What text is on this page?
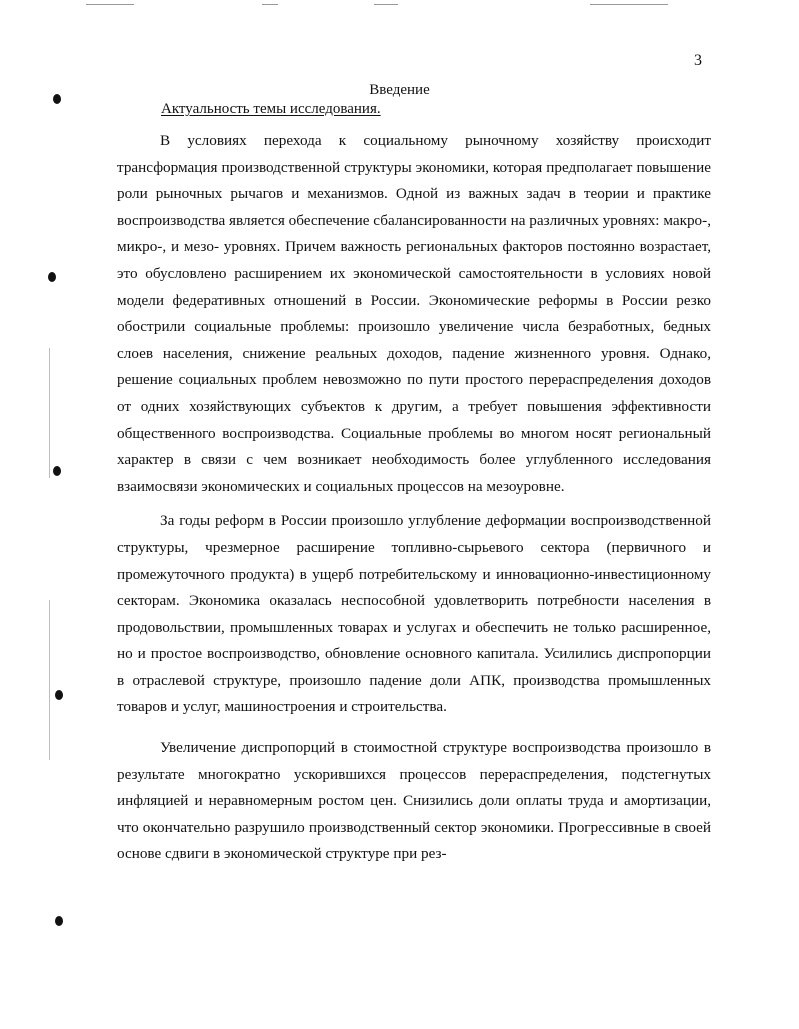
3
Введение
Актуальность темы исследования.

В условиях перехода к социальному рыночному хозяйству происходит трансформация производственной структуры экономики, которая предполагает повышение роли рыночных рычагов и механизмов. Одной из важных задач в теории и практике воспроизводства является обеспечение сбалансированности на различных уровнях: макро-, микро-, и мезо- уровнях. Причем важность региональных факторов постоянно возрастает, это обусловлено расширением их экономической самостоятельности в условиях новой модели федеративных отношений в России. Экономические реформы в России резко обострили социальные проблемы: произошло увеличение числа безработных, бедных слоев населения, снижение реальных доходов, падение жизненного уровня. Однако, решение социальных проблем невозможно по пути простого перераспределения доходов от одних хозяйствующих субъектов к другим, а требует повышения эффективности общественного воспроизводства. Социальные проблемы во многом носят региональный характер в связи с чем возникает необходимость более углубленного исследования взаимосвязи экономических и социальных процессов на мезоуровне.

За годы реформ в России произошло углубление деформации воспроизводственной структуры, чрезмерное расширение топливно-сырьевого сектора (первичного и промежуточного продукта) в ущерб потребительскому и инновационно-инвестиционному секторам. Экономика оказалась неспособной удовлетворить потребности населения в продовольствии, промышленных товарах и услугах и обеспечить не только расширенное, но и простое воспроизводство, обновление основного капитала. Усилились диспропорции в отраслевой структуре, произошло падение доли АПК, производства промышленных товаров и услуг, машиностроения и строительства.

Увеличение диспропорций в стоимостной структуре воспроизводства произошло в результате многократно ускорившихся процессов перераспределения, подстегнутых инфляцией и неравномерным ростом цен. Снизились доли оплаты труда и амортизации, что окончательно разрушило производственный сектор экономики. Прогрессивные в своей основе сдвиги в экономической структуре при рез-
